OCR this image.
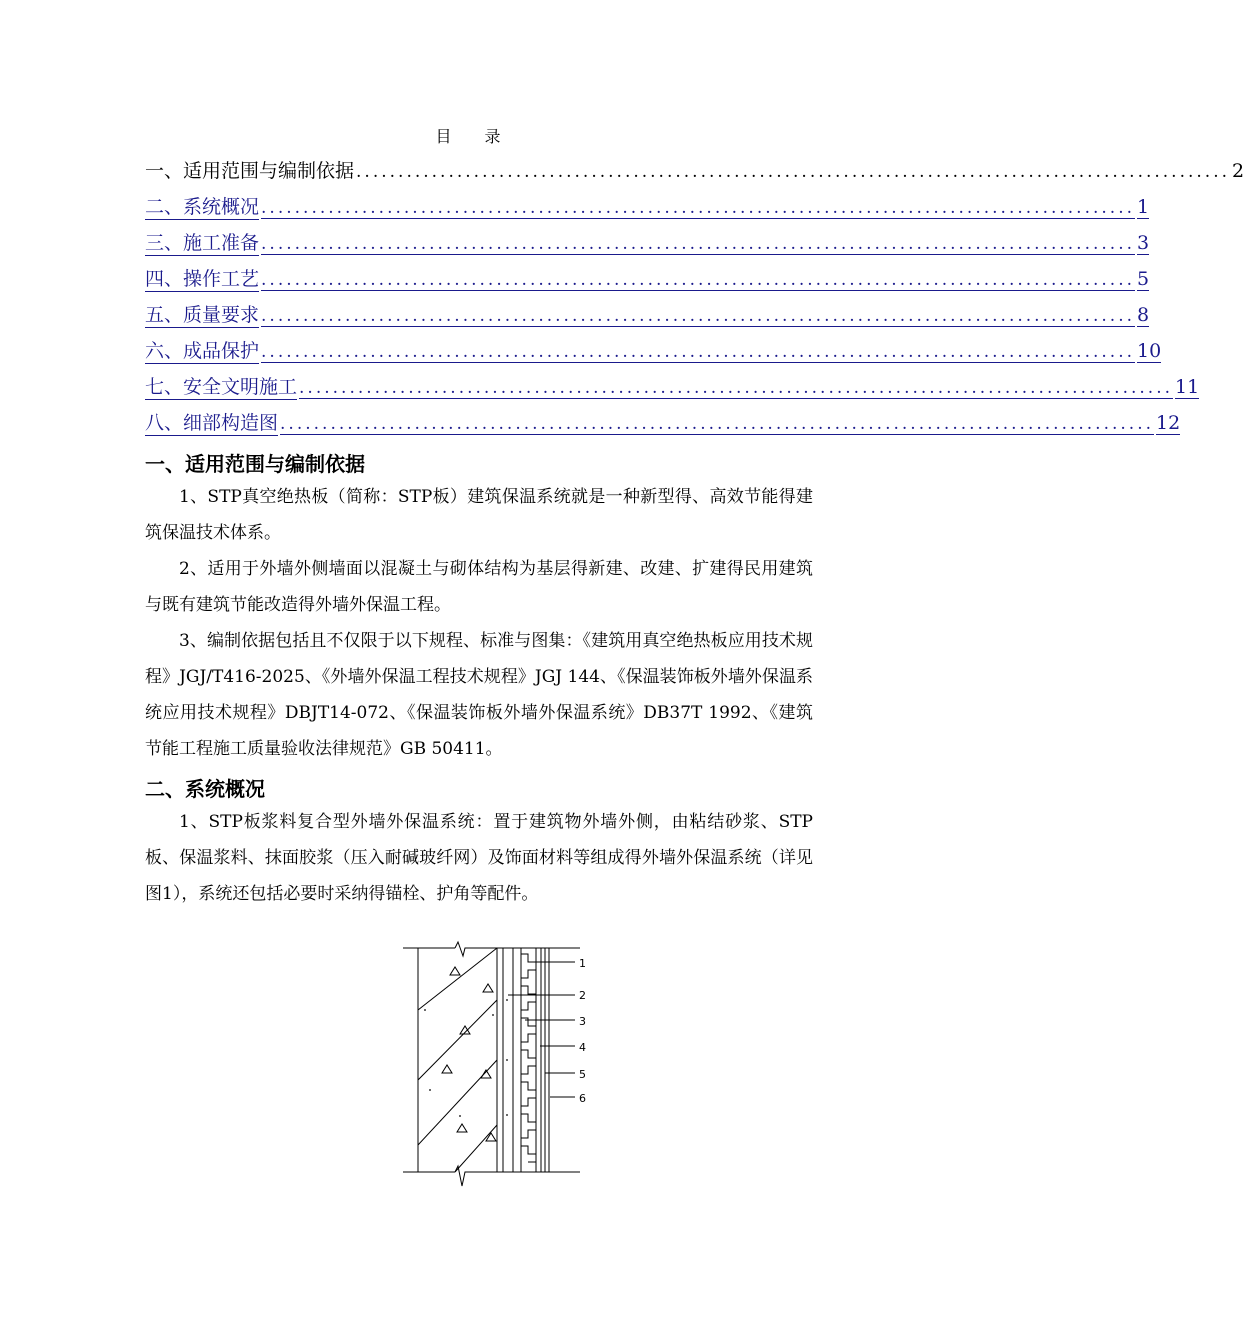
目 录
一、适用范围与编制依据 ........................................................................................................ 2
二、系统概况 ........................................................................................................ 1
三、施工准备 ........................................................................................................ 3
四、操作工艺 ........................................................................................................ 5
五、质量要求 ........................................................................................................ 8
六、成品保护 ........................................................................................................ 10
七、安全文明施工 ........................................................................................................ 11
八、细部构造图 ........................................................................................................ 12
一、适用范围与编制依据

1、STP真空绝热板（简称：STP板）建筑保温系统就是一种新型得、高效节能得建筑保温技术体系。

2、适用于外墙外侧墙面以混凝土与砌体结构为基层得新建、改建、扩建得民用建筑与既有建筑节能改造得外墙外保温工程。

3、编制依据包括且不仅限于以下规程、标准与图集：《建筑用真空绝热板应用技术规程》JGJ/T416-2025、《外墙外保温工程技术规程》JGJ 144、《保温装饰板外墙外保温系统应用技术规程》DBJT14-072、《保温装饰板外墙外保温系统》DB37T 1992、《建筑节能工程施工质量验收法律规范》GB 50411。

二、系统概况

1、STP板浆料复合型外墙外保温系统：置于建筑物外墙外侧，由粘结砂浆、STP板、保温浆料、抹面胶浆（压入耐碱玻纤网）及饰面材料等组成得外墙外保温系统（详见图1），系统还包括必要时采纳得锚栓、护角等配件。

1
2
3
4
5
6
